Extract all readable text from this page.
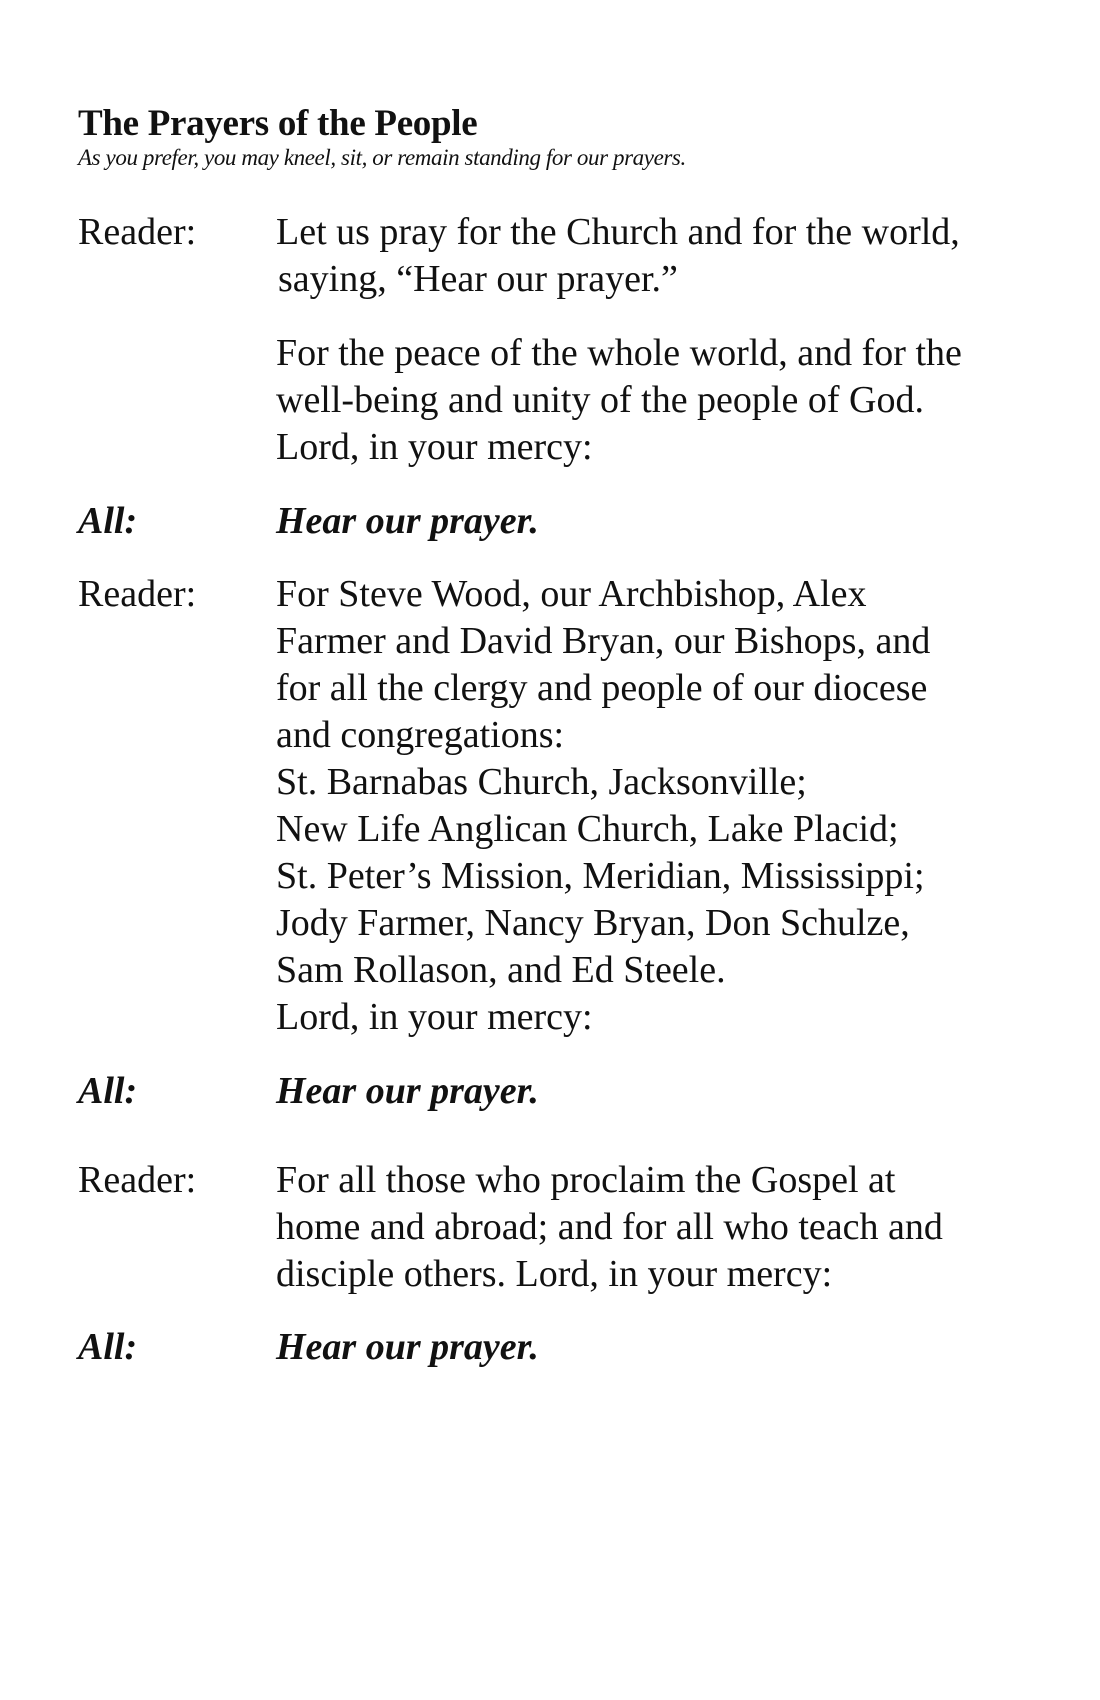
The Prayers of the People

As you prefer, you may kneel, sit, or remain standing for our prayers.

Reader:	Let us pray for the Church and for the world,
saying, “Hear our prayer.”
For the peace of the whole world, and for the
well-being and unity of the people of God.
Lord, in your mercy:
All:	Hear our prayer.
Reader:	For Steve Wood, our Archbishop, Alex
Farmer and David Bryan, our Bishops, and
for all the clergy and people of our diocese
and congregations:
St. Barnabas Church, Jacksonville;
New Life Anglican Church, Lake Placid;
St. Peter’s Mission, Meridian, Mississippi;
Jody Farmer, Nancy Bryan, Don Schulze,
Sam Rollason, and Ed Steele.
Lord, in your mercy:
All:	Hear our prayer.
Reader:	For all those who proclaim the Gospel at
home and abroad; and for all who teach and
disciple others. Lord, in your mercy:
All:	Hear our prayer.
